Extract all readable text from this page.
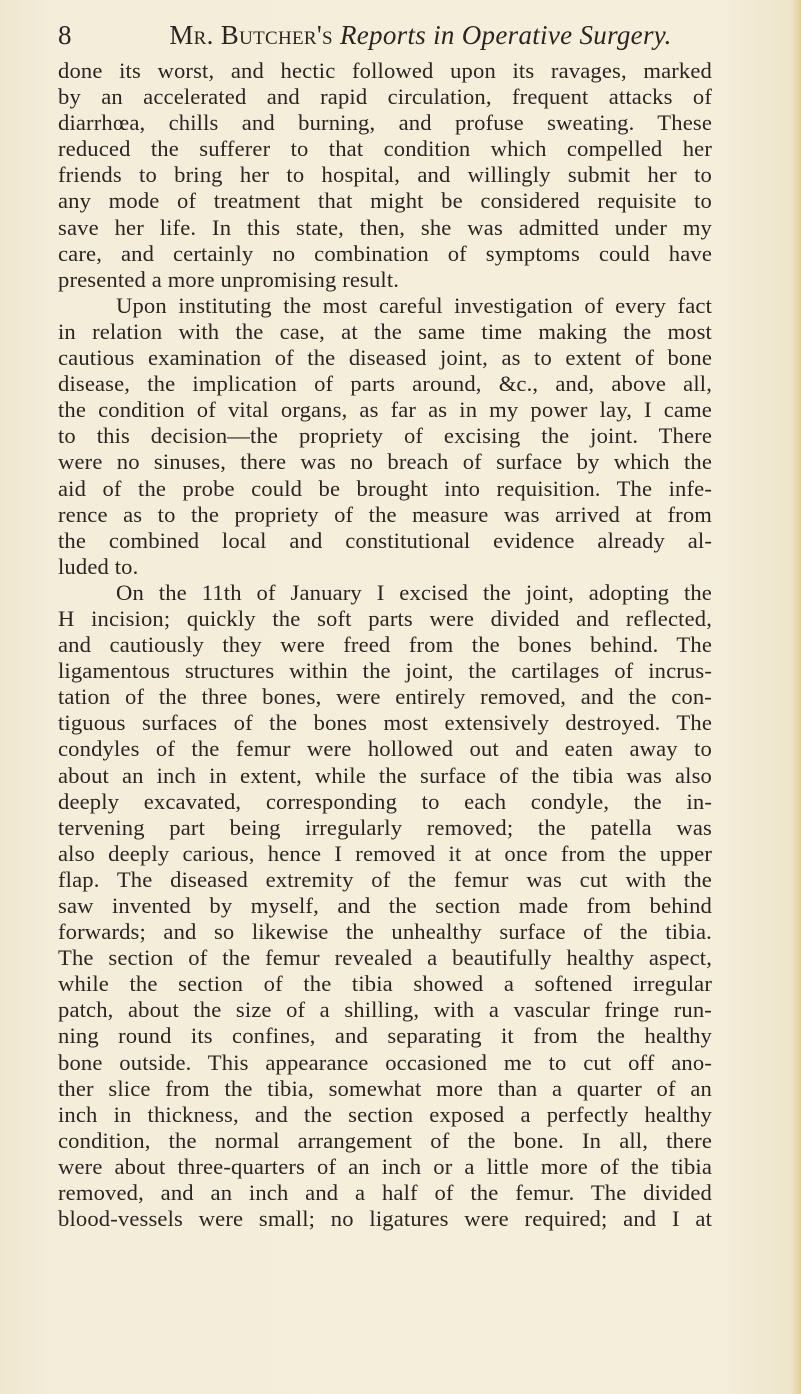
8	Mr. Butcher's Reports in Operative Surgery.
done its worst, and hectic followed upon its ravages, marked
by an accelerated and rapid circulation, frequent attacks of
diarrhœa, chills and burning, and profuse sweating. These
reduced the sufferer to that condition which compelled her
friends to bring her to hospital, and willingly submit her to
any mode of treatment that might be considered requisite to
save her life. In this state, then, she was admitted under my
care, and certainly no combination of symptoms could have
presented a more unpromising result.
Upon instituting the most careful investigation of every fact
in relation with the case, at the same time making the most
cautious examination of the diseased joint, as to extent of bone
disease, the implication of parts around, &c., and, above all,
the condition of vital organs, as far as in my power lay, I came
to this decision—the propriety of excising the joint. There
were no sinuses, there was no breach of surface by which the
aid of the probe could be brought into requisition. The infe-
rence as to the propriety of the measure was arrived at from
the combined local and constitutional evidence already al-
luded to.
On the 11th of January I excised the joint, adopting the
H incision; quickly the soft parts were divided and reflected,
and cautiously they were freed from the bones behind. The
ligamentous structures within the joint, the cartilages of incrus-
tation of the three bones, were entirely removed, and the con-
tiguous surfaces of the bones most extensively destroyed. The
condyles of the femur were hollowed out and eaten away to
about an inch in extent, while the surface of the tibia was also
deeply excavated, corresponding to each condyle, the in-
tervening part being irregularly removed; the patella was
also deeply carious, hence I removed it at once from the upper
flap. The diseased extremity of the femur was cut with the
saw invented by myself, and the section made from behind
forwards; and so likewise the unhealthy surface of the tibia.
The section of the femur revealed a beautifully healthy aspect,
while the section of the tibia showed a softened irregular
patch, about the size of a shilling, with a vascular fringe run-
ning round its confines, and separating it from the healthy
bone outside. This appearance occasioned me to cut off ano-
ther slice from the tibia, somewhat more than a quarter of an
inch in thickness, and the section exposed a perfectly healthy
condition, the normal arrangement of the bone. In all, there
were about three-quarters of an inch or a little more of the tibia
removed, and an inch and a half of the femur. The divided
blood-vessels were small; no ligatures were required; and I at
